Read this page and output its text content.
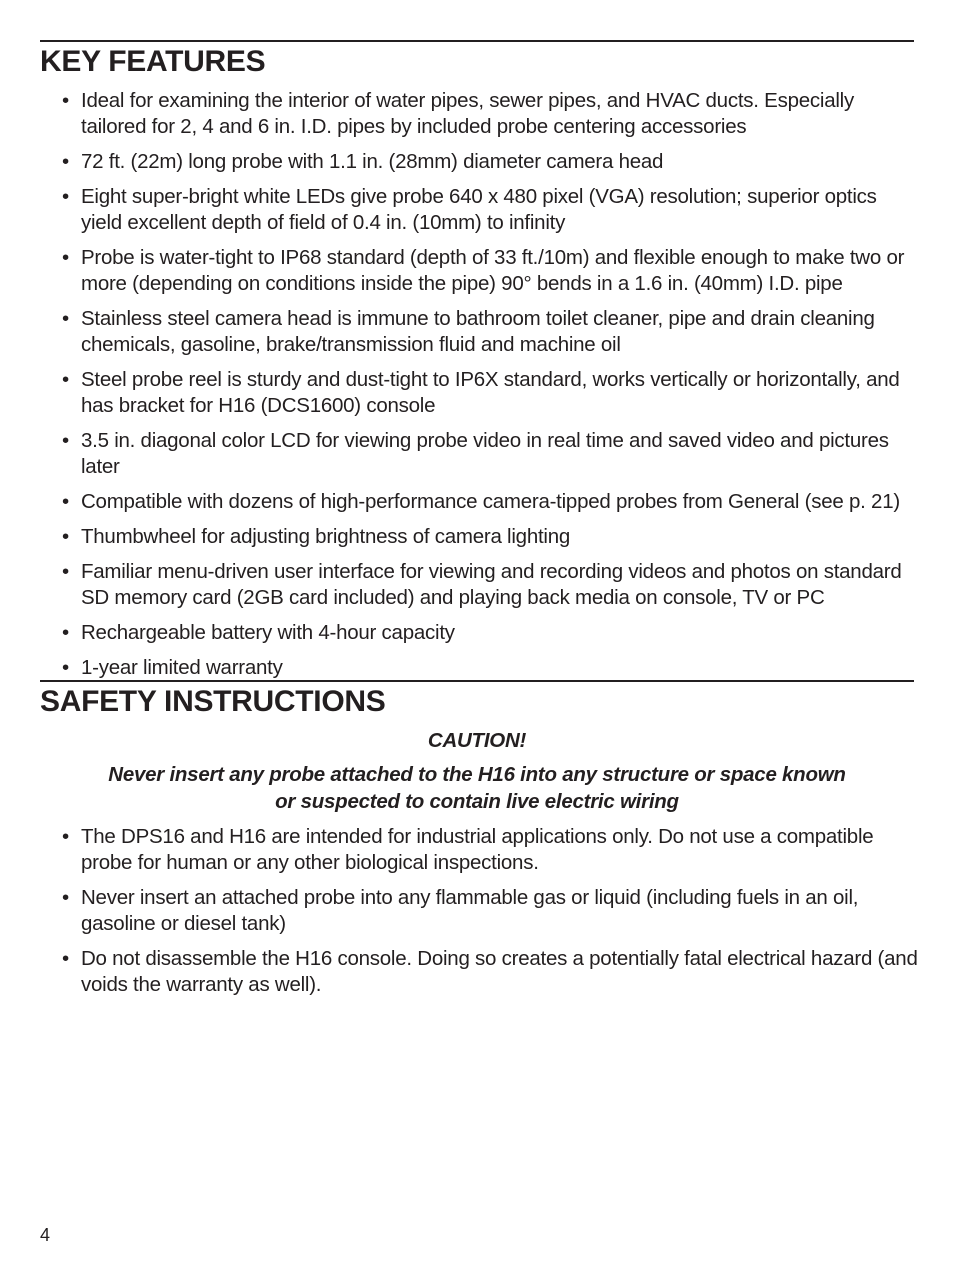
KEY FEATURES
• Ideal for examining the interior of water pipes, sewer pipes, and HVAC ducts. Especially tailored for 2, 4 and 6 in. I.D. pipes by included probe centering accessories
• 72 ft. (22m) long probe with 1.1 in. (28mm) diameter camera head
• Eight super-bright white LEDs give probe 640 x 480 pixel (VGA) resolution; superior optics yield excellent depth of field of 0.4 in. (10mm) to infinity
• Probe is water-tight to IP68 standard (depth of 33 ft./10m) and flexible enough to make two or more (depending on conditions inside the pipe) 90° bends in a 1.6 in. (40mm) I.D. pipe
• Stainless steel camera head is immune to bathroom toilet cleaner, pipe and drain cleaning chemicals, gasoline, brake/transmission fluid and machine oil
• Steel probe reel is sturdy and dust-tight to IP6X standard, works vertically or horizontally, and has bracket for H16 (DCS1600) console
• 3.5 in. diagonal color LCD for viewing probe video in real time and saved video and pictures later
• Compatible with dozens of high-performance camera-tipped probes from General (see p. 21)
• Thumbwheel for adjusting brightness of camera lighting
• Familiar menu-driven user interface for viewing and recording videos and photos on standard SD memory card (2GB card included) and playing back media on console, TV or PC
• Rechargeable battery with 4-hour capacity
• 1-year limited warranty
SAFETY INSTRUCTIONS

CAUTION!

Never insert any probe attached to the H16 into any structure or space known

or suspected to contain live electric wiring

• The DPS16 and H16 are intended for industrial applications only. Do not use a compatible probe for human or any other biological inspections.
• Never insert an attached probe into any flammable gas or liquid (including fuels in an oil, gasoline or diesel tank)
• Do not disassemble the H16 console. Doing so creates a potentially fatal electrical hazard (and voids the warranty as well).
4
